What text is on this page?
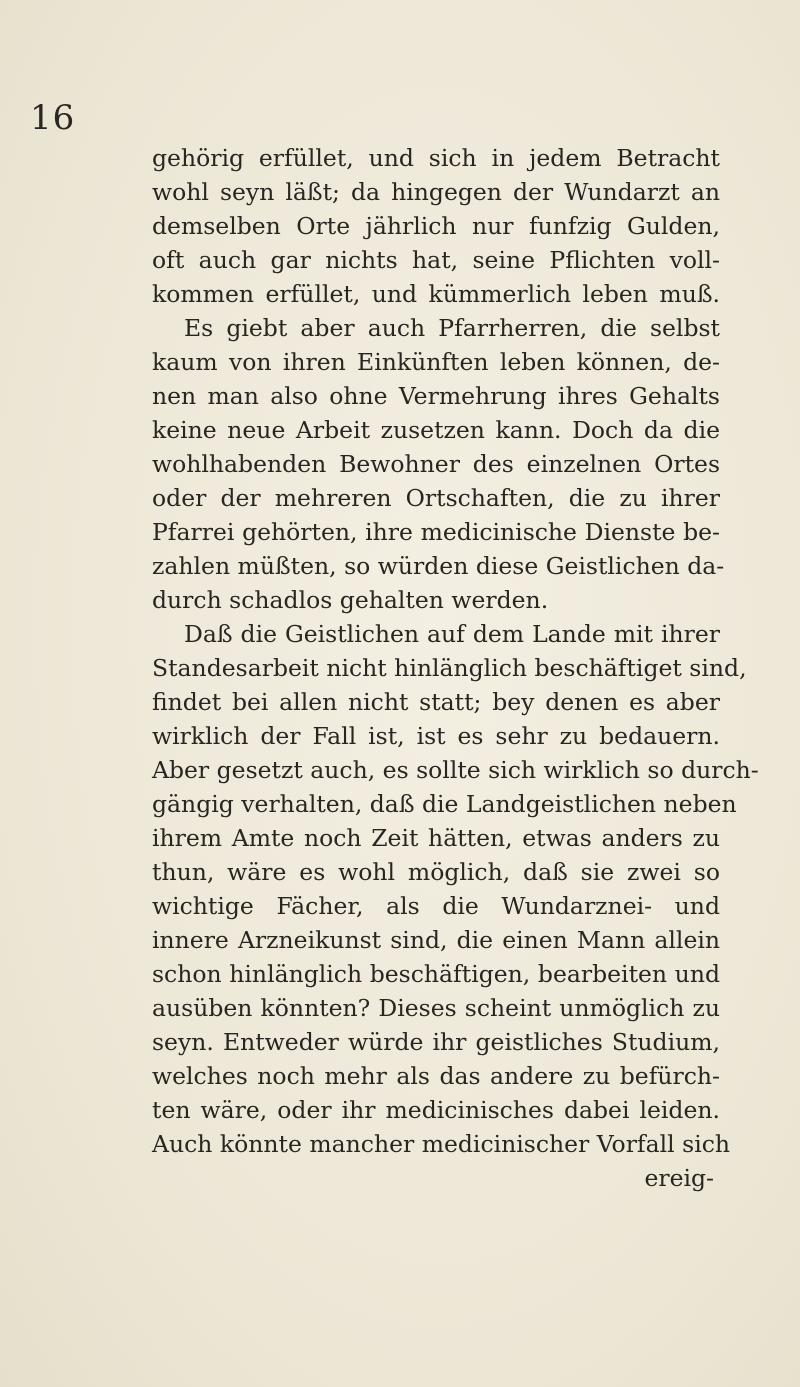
16
gehörig erfüllet, und sich in jedem Betracht
wohl seyn läßt; da hingegen der Wundarzt an
demselben Orte jährlich nur funfzig Gulden,
oft auch gar nichts hat, seine Pflichten voll-
kommen erfüllet, und kümmerlich leben muß.
Es giebt aber auch Pfarrherren, die selbst
kaum von ihren Einkünften leben können, de-
nen man also ohne Vermehrung ihres Gehalts
keine neue Arbeit zusetzen kann. Doch da die
wohlhabenden Bewohner des einzelnen Ortes
oder der mehreren Ortschaften, die zu ihrer
Pfarrei gehörten, ihre medicinische Dienste be-
zahlen müßten, so würden diese Geistlichen da-
durch schadlos gehalten werden.
Daß die Geistlichen auf dem Lande mit ihrer
Standesarbeit nicht hinlänglich beschäftiget sind,
findet bei allen nicht statt; bey denen es aber
wirklich der Fall ist, ist es sehr zu bedauern.
Aber gesetzt auch, es sollte sich wirklich so durch-
gängig verhalten, daß die Landgeistlichen neben
ihrem Amte noch Zeit hätten, etwas anders zu
thun, wäre es wohl möglich, daß sie zwei so
wichtige Fächer, als die Wundarznei- und
innere Arzneikunst sind, die einen Mann allein
schon hinlänglich beschäftigen, bearbeiten und
ausüben könnten? Dieses scheint unmöglich zu
seyn. Entweder würde ihr geistliches Studium,
welches noch mehr als das andere zu befürch-
ten wäre, oder ihr medicinisches dabei leiden.
Auch könnte mancher medicinischer Vorfall sich
ereig-
